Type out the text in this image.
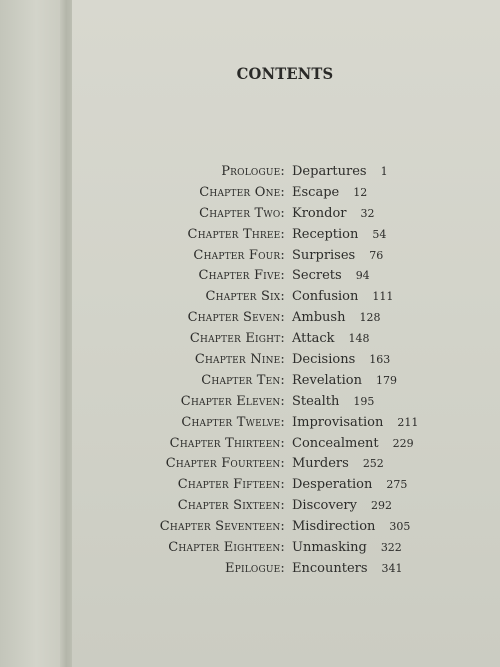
CONTENTS
Prologue: Departures 1
Chapter One: Escape 12
Chapter Two: Krondor 32
Chapter Three: Reception 54
Chapter Four: Surprises 76
Chapter Five: Secrets 94
Chapter Six: Confusion 111
Chapter Seven: Ambush 128
Chapter Eight: Attack 148
Chapter Nine: Decisions 163
Chapter Ten: Revelation 179
Chapter Eleven: Stealth 195
Chapter Twelve: Improvisation 211
Chapter Thirteen: Concealment 229
Chapter Fourteen: Murders 252
Chapter Fifteen: Desperation 275
Chapter Sixteen: Discovery 292
Chapter Seventeen: Misdirection 305
Chapter Eighteen: Unmasking 322
Epilogue: Encounters 341
